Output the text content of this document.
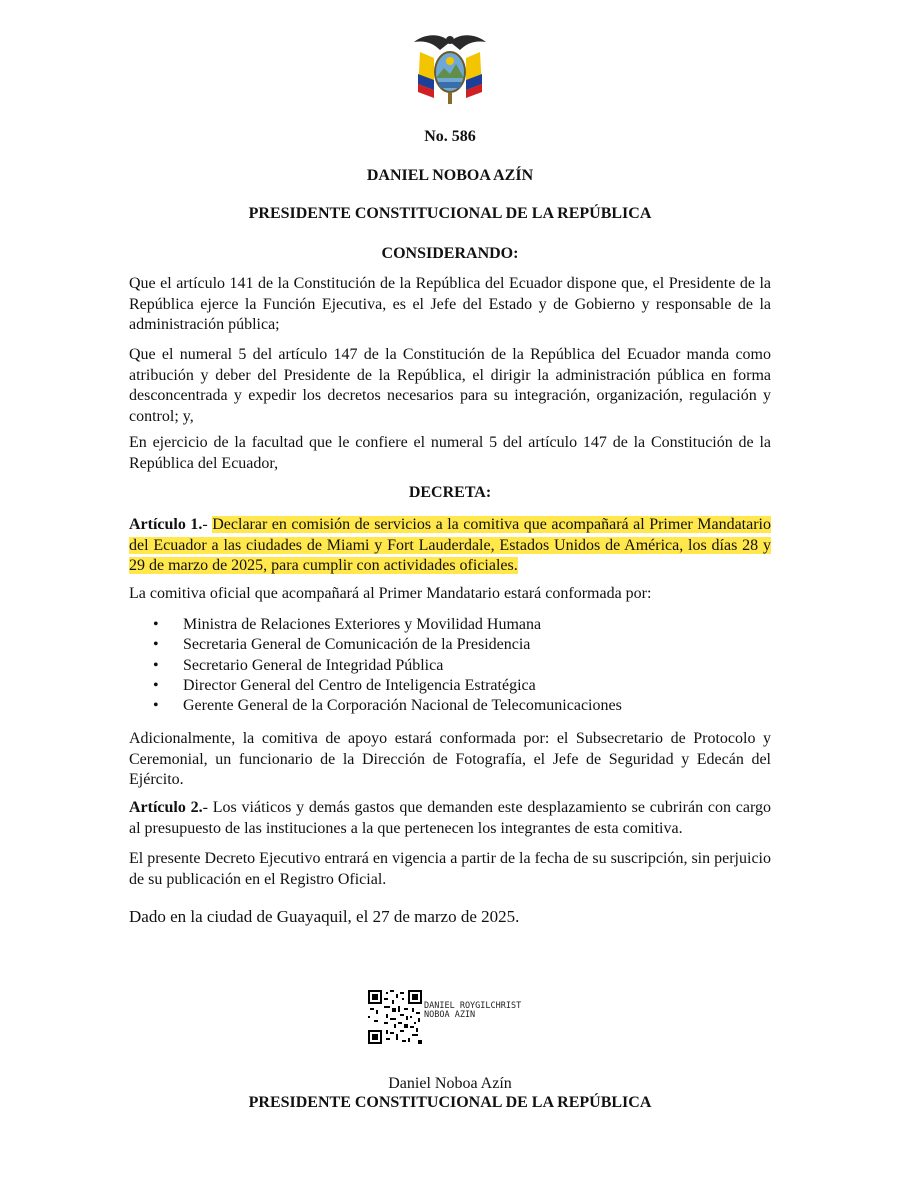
No. 586
DANIEL NOBOA AZÍN
PRESIDENTE CONSTITUCIONAL DE LA REPÚBLICA
CONSIDERANDO:
Que el artículo 141 de la Constitución de la República del Ecuador dispone que, el Presidente de la República ejerce la Función Ejecutiva, es el Jefe del Estado y de Gobierno y responsable de la administración pública;
Que el numeral 5 del artículo 147 de la Constitución de la República del Ecuador manda como atribución y deber del Presidente de la República, el dirigir la administración pública en forma desconcentrada y expedir los decretos necesarios para su integración, organización, regulación y control; y,
En ejercicio de la facultad que le confiere el numeral 5 del artículo 147 de la Constitución de la República del Ecuador,
DECRETA:
Artículo 1.- Declarar en comisión de servicios a la comitiva que acompañará al Primer Mandatario del Ecuador a las ciudades de Miami y Fort Lauderdale, Estados Unidos de América, los días 28 y 29 de marzo de 2025, para cumplir con actividades oficiales.
La comitiva oficial que acompañará al Primer Mandatario estará conformada por:
• Ministra de Relaciones Exteriores y Movilidad Humana
• Secretaria General de Comunicación de la Presidencia
• Secretario General de Integridad Pública
• Director General del Centro de Inteligencia Estratégica
• Gerente General de la Corporación Nacional de Telecomunicaciones
Adicionalmente, la comitiva de apoyo estará conformada por: el Subsecretario de Protocolo y Ceremonial, un funcionario de la Dirección de Fotografía, el Jefe de Seguridad y Edecán del Ejército.
Artículo 2.- Los viáticos y demás gastos que demanden este desplazamiento se cubrirán con cargo al presupuesto de las instituciones a la que pertenecen los integrantes de esta comitiva.
El presente Decreto Ejecutivo entrará en vigencia a partir de la fecha de su suscripción, sin perjuicio de su publicación en el Registro Oficial.
Dado en la ciudad de Guayaquil, el 27 de marzo de 2025.
DANIEL ROYGILCHRIST
NOBOA AZIN
Daniel Noboa Azín
PRESIDENTE CONSTITUCIONAL DE LA REPÚBLICA
